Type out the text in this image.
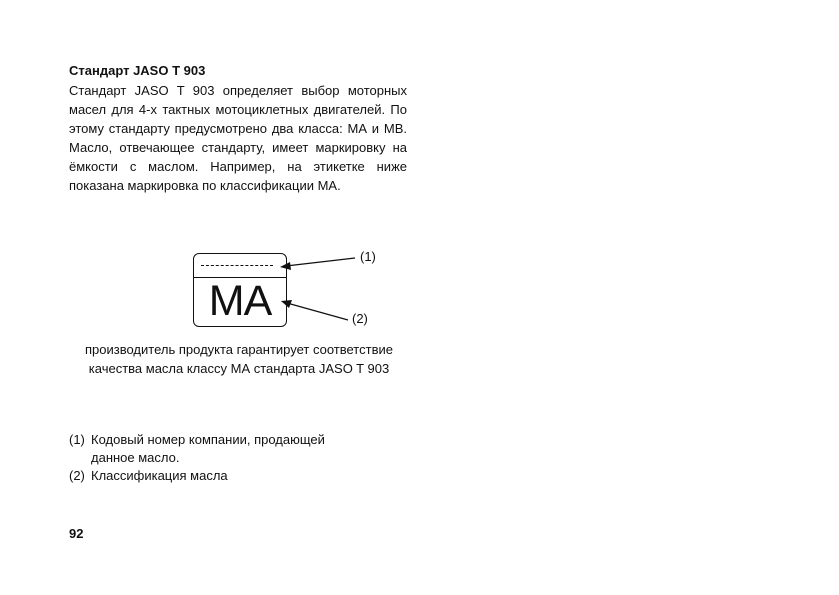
Стандарт JASO T 903

Стандарт JASO T 903 определяет выбор моторных масел для 4-х тактных мотоциклетных двигателей. По этому стандарту предусмотрено два класса: МА и МВ. Масло, отвечающее стандарту, имеет маркировку на ёмкости с маслом. Например, на этикетке ниже показана маркировка по классификации МА.

MA
(1)
(2)
производитель продукта гарантирует соответствие
качества масла классу МА стандарта JASO T 903
(1) Кодовый номер компании, продающей данное масло.
(2) Классификация масла
92
